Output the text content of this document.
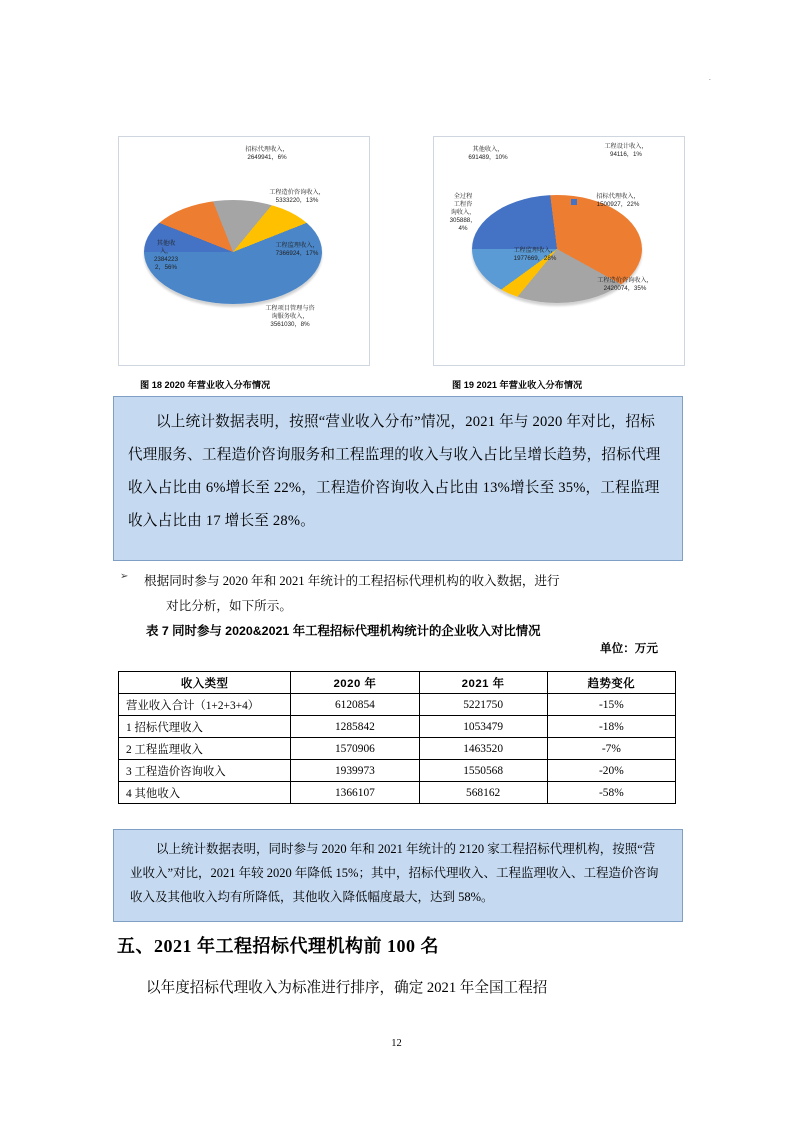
.
招标代理收入，
2649941，6%
工程造价咨询收入，
5333220，13%
工程监理收入，
7366924，17%
工程项目管理与咨
询服务收入，
3561030，8%
其他收
入，
2384223
2，56%
工程设计收入，
94116，1%
招标代理收入，
1500927，22%
工程造价咨询收入，
2420074，35%
工程监理收入，
1977669，28%
全过程
工程咨
询收入，
305888，
4%
其他收入，
691489，10%
图 18 2020 年营业收入分布情况	图 19 2021 年营业收入分布情况

以上统计数据表明，按照“营业收入分布”情况，2021 年与 2020 年对比，招标代理服务、工程造价咨询服务和工程监理的收入与收入占比呈增长趋势，招标代理收入占比由 6%增长至 22%，工程造价咨询收入占比由 13%增长至 35%，工程监理收入占比由 17 增长至 28%。

➢ 根据同时参与 2020 年和 2021 年统计的工程招标代理机构的收入数据，进行
对比分析，如下所示。
表 7 同时参与 2020&2021 年工程招标代理机构统计的企业收入对比情况
单位：万元
收入类型	2020 年	2021 年	趋势变化
营业收入合计（1+2+3+4）	6120854	5221750	-15%
1 招标代理收入	1285842	1053479	-18%
2 工程监理收入	1570906	1463520	-7%
3 工程造价咨询收入	1939973	1550568	-20%
4 其他收入	1366107	568162	-58%

以上统计数据表明，同时参与 2020 年和 2021 年统计的 2120 家工程招标代理机构，按照“营业收入”对比，2021 年较 2020 年降低 15%；其中，招标代理收入、工程监理收入、工程造价咨询收入及其他收入均有所降低，其他收入降低幅度最大，达到 58%。

五、2021 年工程招标代理机构前 100 名
以年度招标代理收入为标准进行排序，确定 2021 年全国工程招
12
